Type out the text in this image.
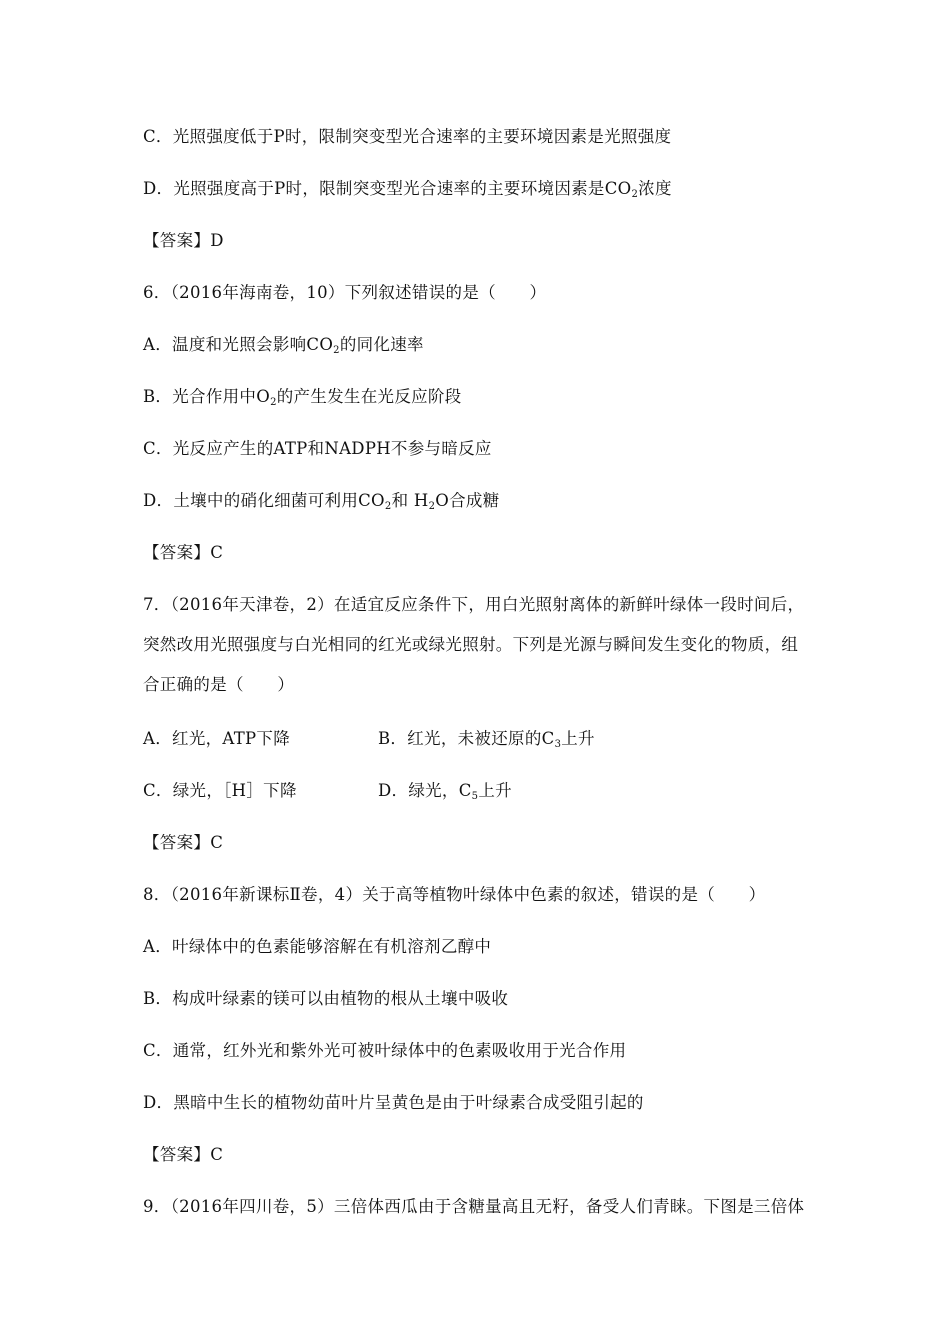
C．光照强度低于P时，限制突变型光合速率的主要环境因素是光照强度
D．光照强度高于P时，限制突变型光合速率的主要环境因素是$CO_2$浓度
【答案】D
6．（2016年海南卷，10）下列叙述错误的是（　　）
A．温度和光照会影响$CO_2$的同化速率
B．光合作用中$O_2$的产生发生在光反应阶段
C．光反应产生的ATP和NADPH不参与暗反应
D．土壤中的硝化细菌可利用$CO_2$和 $H_2O$合成糖
【答案】C
7．（2016年天津卷，2）在适宜反应条件下，用白光照射离体的新鲜叶绿体一段时间后，
突然改用光照强度与白光相同的红光或绿光照射。下列是光源与瞬间发生变化的物质，组
合正确的是（　　）
A．红光，ATP下降	B．红光，未被还原的$C_3$上升
C．绿光，［H］下降	D．绿光，$C_5$上升
【答案】C
8．（2016年新课标Ⅱ卷，4）关于高等植物叶绿体中色素的叙述，错误的是（　　）
A．叶绿体中的色素能够溶解在有机溶剂乙醇中
B．构成叶绿素的镁可以由植物的根从土壤中吸收
C．通常，红外光和紫外光可被叶绿体中的色素吸收用于光合作用
D．黑暗中生长的植物幼苗叶片呈黄色是由于叶绿素合成受阻引起的
【答案】C
9．（2016年四川卷，5）三倍体西瓜由于含糖量高且无籽，备受人们青睐。下图是三倍体
